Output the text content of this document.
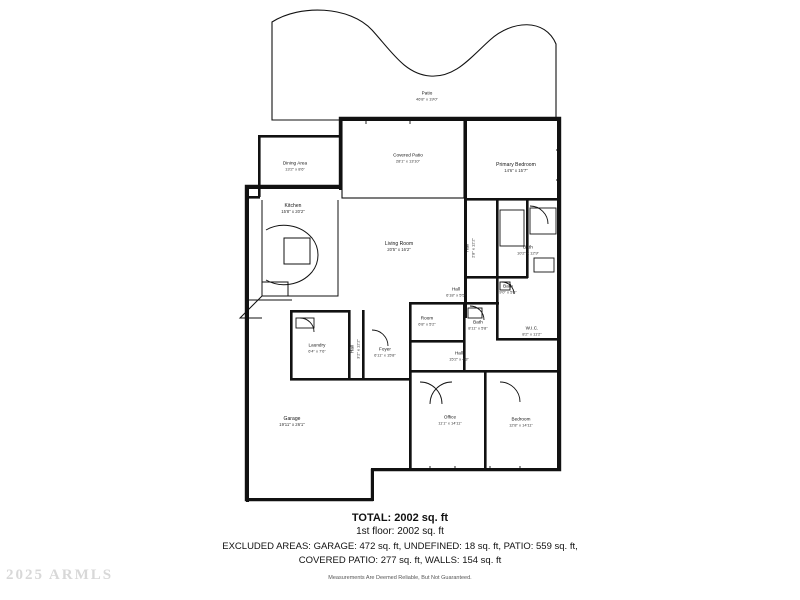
Patio
46'8" x 19'0"
Covered Patio
28'1" x 13'10"
Dining Area
13'2" x 8'6"
Primary Bedroom
14'6" x 15'7"
Kitchen
15'8" x 20'2"
Living Room
20'5" x 16'2"
Bath
10'2" x 12'9"
Bath
9'0" x 5'3"
Hall
6'18" x 5'5"
Room
6'8" x 5'2"	Bath
8'11" x 5'8"	W.I.C.
8'2" x 11'2"
Laundry
6'4" x 7'6"	Foyer
6'11" x 15'8"	Hall
15'2" x 4'3"
Office
11'1" x 14'11"
Bedroom
12'8" x 14'11"
Garage
19'11" x 26'1"
Hall 2'8" x 12'2"
Hall 3'2" x 12'2"
TOTAL: 2002 sq. ft
1st floor: 2002 sq. ft
EXCLUDED AREAS: GARAGE: 472 sq. ft, UNDEFINED: 18 sq. ft, PATIO: 559 sq. ft,
COVERED PATIO: 277 sq. ft, WALLS: 154 sq. ft
Measurements Are Deemed Reliable, But Not Guaranteed.
2025 ARMLS
